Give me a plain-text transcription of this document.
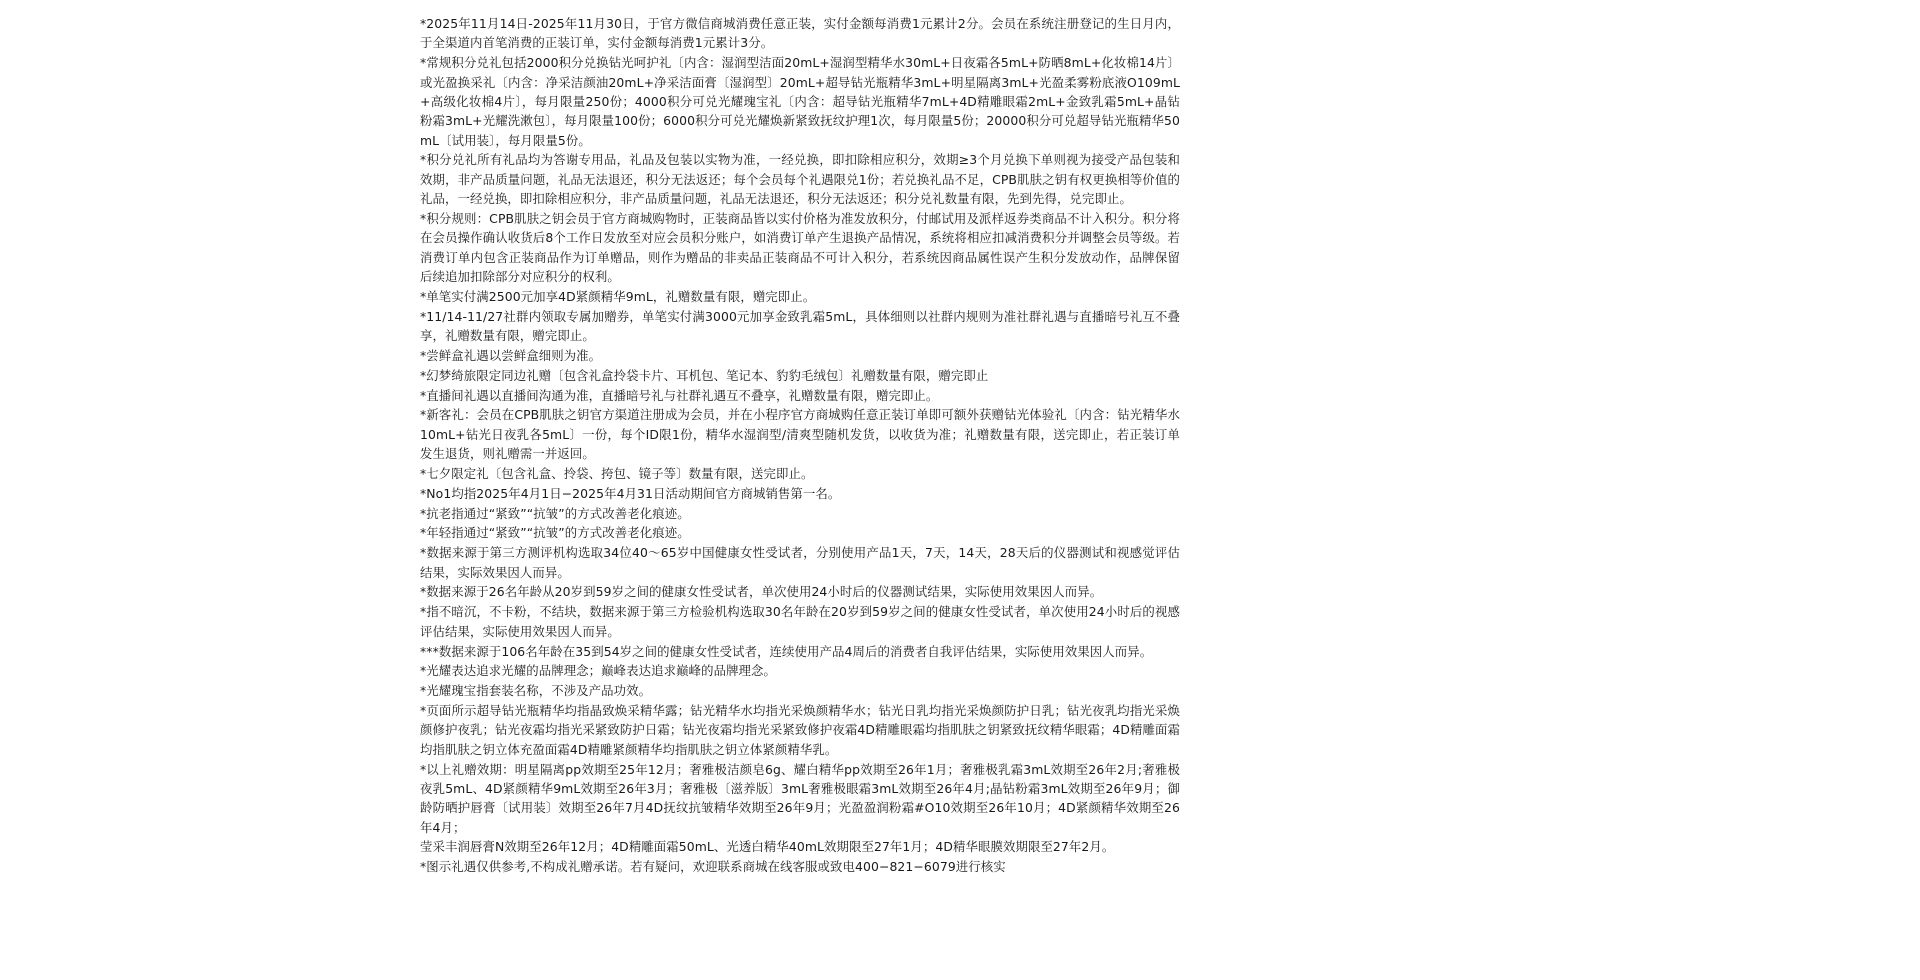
*2025年11月14日-2025年11月30日，于官方微信商城消费任意正装，实付金额每消费1元累计2分。会员在系统注册登记的生日月内，于全渠道内首笔消费的正装订单，实付金额每消费1元累计3分。

*常规积分兑礼包括2000积分兑换钻光呵护礼〔内含：湿润型洁面20mL+湿润型精华水30mL+日夜霜各5mL+防晒8mL+化妆棉14片〕或光盈换采礼〔内含：净采洁颜油20mL+净采洁面膏〔湿润型〕20mL+超导钻光瓶精华3mL+明星隔离3mL+光盈柔雾粉底液O109mL+高级化妆棉4片〕，每月限量250份；4000积分可兑光耀瑰宝礼〔内含：超导钻光瓶精华7mL+4D精雕眼霜2mL+金致乳霜5mL+晶钻粉霜3mL+光耀洗漱包〕，每月限量100份；6000积分可兑光耀焕新紧致抚纹护理1次，每月限量5份；20000积分可兑超导钻光瓶精华50mL〔试用装〕，每月限量5份。

*积分兑礼所有礼品均为答谢专用品，礼品及包装以实物为准，一经兑换，即扣除相应积分，效期≥3个月兑换下单则视为接受产品包装和效期，非产品质量问题，礼品无法退还，积分无法返还；每个会员每个礼遇限兑1份；若兑换礼品不足，CPB肌肤之钥有权更换相等价值的礼品，一经兑换，即扣除相应积分，非产品质量问题，礼品无法退还，积分无法返还；积分兑礼数量有限，先到先得，兑完即止。

*积分规则：CPB肌肤之钥会员于官方商城购物时，正装商品皆以实付价格为准发放积分，付邮试用及派样返券类商品不计入积分。积分将在会员操作确认收货后8个工作日发放至对应会员积分账户，如消费订单产生退换产品情况，系统将相应扣减消费积分并调整会员等级。若消费订单内包含正装商品作为订单赠品，则作为赠品的非卖品正装商品不可计入积分，若系统因商品属性误产生积分发放动作，品牌保留后续追加扣除部分对应积分的权利。

*单笔实付满2500元加享4D紧颜精华9mL，礼赠数量有限，赠完即止。

*11/14-11/27社群内领取专属加赠券，单笔实付满3000元加享金致乳霜5mL，具体细则以社群内规则为准社群礼遇与直播暗号礼互不叠享，礼赠数量有限，赠完即止。

*尝鲜盒礼遇以尝鲜盒细则为准。

*幻梦绮旅限定同边礼赠〔包含礼盒拎袋卡片、耳机包、笔记本、豹豹毛绒包〕礼赠数量有限，赠完即止

*直播间礼遇以直播间沟通为准，直播暗号礼与社群礼遇互不叠享，礼赠数量有限，赠完即止。

*新客礼：会员在CPB肌肤之钥官方渠道注册成为会员，并在小程序官方商城购任意正装订单即可额外获赠钻光体验礼〔内含：钻光精华水10mL+钻光日夜乳各5mL〕一份，每个ID限1份，精华水湿润型/清爽型随机发货，以收货为准；礼赠数量有限，送完即止，若正装订单发生退货，则礼赠需一并返回。

*七夕限定礼〔包含礼盒、拎袋、挎包、镜子等〕数量有限，送完即止。

*No1均指2025年4月1日−2025年4月31日活动期间官方商城销售第一名。

*抗老指通过“紧致”“抗皱”的方式改善老化痕迹。

*年轻指通过“紧致”“抗皱”的方式改善老化痕迹。

*数据来源于第三方测评机构选取34位40～65岁中国健康女性受试者，分别使用产品1天，7天，14天，28天后的仪器测试和视感觉评估结果，实际效果因人而异。

*数据来源于26名年龄从20岁到59岁之间的健康女性受试者，单次使用24小时后的仪器测试结果，实际使用效果因人而异。

*指不暗沉，不卡粉，不结块，数据来源于第三方检验机构选取30名年龄在20岁到59岁之间的健康女性受试者，单次使用24小时后的视感评估结果，实际使用效果因人而异。

***数据来源于106名年龄在35到54岁之间的健康女性受试者，连续使用产品4周后的消费者自我评估结果，实际使用效果因人而异。

*光耀表达追求光耀的品牌理念；巅峰表达追求巅峰的品牌理念。

*光耀瑰宝指套装名称，不涉及产品功效。

*页面所示超导钻光瓶精华均指晶致焕采精华露；钻光精华水均指光采焕颜精华水；钻光日乳均指光采焕颜防护日乳；钻光夜乳均指光采焕颜修护夜乳；钻光夜霜均指光采紧致防护日霜；钻光夜霜均指光采紧致修护夜霜4D精雕眼霜均指肌肤之钥紧致抚纹精华眼霜；4D精雕面霜均指肌肤之钥立体充盈面霜4D精雕紧颜精华均指肌肤之钥立体紧颜精华乳。

*以上礼赠效期：明星隔离pp效期至25年12月；奢雅极洁颜皂6g、耀白精华pp效期至26年1月；奢雅极乳霜3mL效期至26年2月;奢雅极夜乳5mL、4D紧颜精华9mL效期至26年3月；奢雅极〔滋养版〕3mL奢雅极眼霜3mL效期至26年4月;晶钻粉霜3mL效期至26年9月；御龄防晒护唇膏〔试用装〕效期至26年7月4D抚纹抗皱精华效期至26年9月；光盈盈润粉霜#O10效期至26年10月；4D紧颜精华效期至26年4月；

莹采丰润唇膏N效期至26年12月；4D精雕面霜50mL、光透白精华40mL效期限至27年1月；4D精华眼膜效期限至27年2月。

*图示礼遇仅供参考,不构成礼赠承诺。若有疑问，欢迎联系商城在线客服或致电400−821−6079进行核实
